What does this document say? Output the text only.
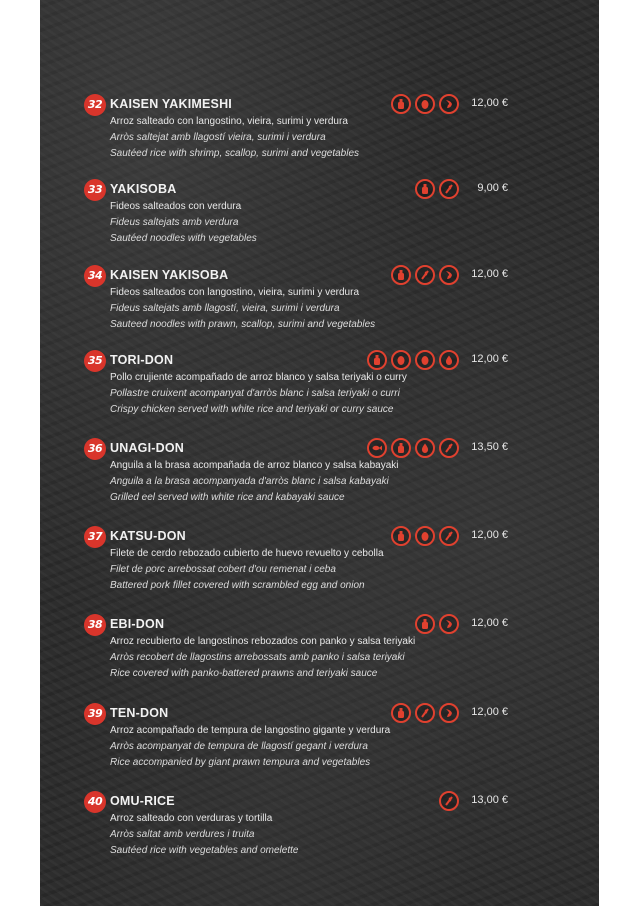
32 KAISEN YAKIMESHI	12,00 €
Arroz salteado con langostino, vieira, surimi y verdura
Arròs saltejat amb llagostí vieira, surimi i verdura
Sautéed rice with shrimp, scallop, surimi and vegetables
33 YAKISOBA	9,00 €
Fideos salteados con verdura
Fideus saltejats amb verdura
Sautéed noodles with vegetables
34 KAISEN YAKISOBA	12,00 €
Fideos salteados con langostino, vieira, surimi y verdura
Fideus saltejats amb llagostí, vieira, surimi i verdura
Sauteed noodles with prawn, scallop, surimi and vegetables
35 TORI-DON	12,00 €
Pollo crujiente acompañado de arroz blanco y salsa teriyaki o curry
Pollastre cruixent acompanyat d'arròs blanc i salsa teriyaki o curri
Crispy chicken served with white rice and teriyaki or curry sauce
36 UNAGI-DON	13,50 €
Anguila a la brasa acompañada de arroz blanco y salsa kabayaki
Anguila a la brasa acompanyada d'arròs blanc i salsa kabayaki
Grilled eel served with white rice and kabayaki sauce
37 KATSU-DON	12,00 €
Filete de cerdo rebozado cubierto de huevo revuelto y cebolla
Filet de porc arrebossat cobert d'ou remenat i ceba
Battered pork fillet covered with scrambled egg and onion
38 EBI-DON	12,00 €
Arroz recubierto de langostinos rebozados con panko y salsa teriyaki
Arròs recobert de llagostins arrebossats amb panko i salsa teriyaki
Rice covered with panko-battered prawns and teriyaki sauce
39 TEN-DON	12,00 €
Arroz acompañado de tempura de langostino gigante y verdura
Arròs acompanyat de tempura de llagostí gegant i verdura
Rice accompanied by giant prawn tempura and vegetables
40 OMU-RICE	13,00 €
Arroz salteado con verduras y tortilla
Arròs saltat amb verdures i truita
Sautéed rice with vegetables and omelette
